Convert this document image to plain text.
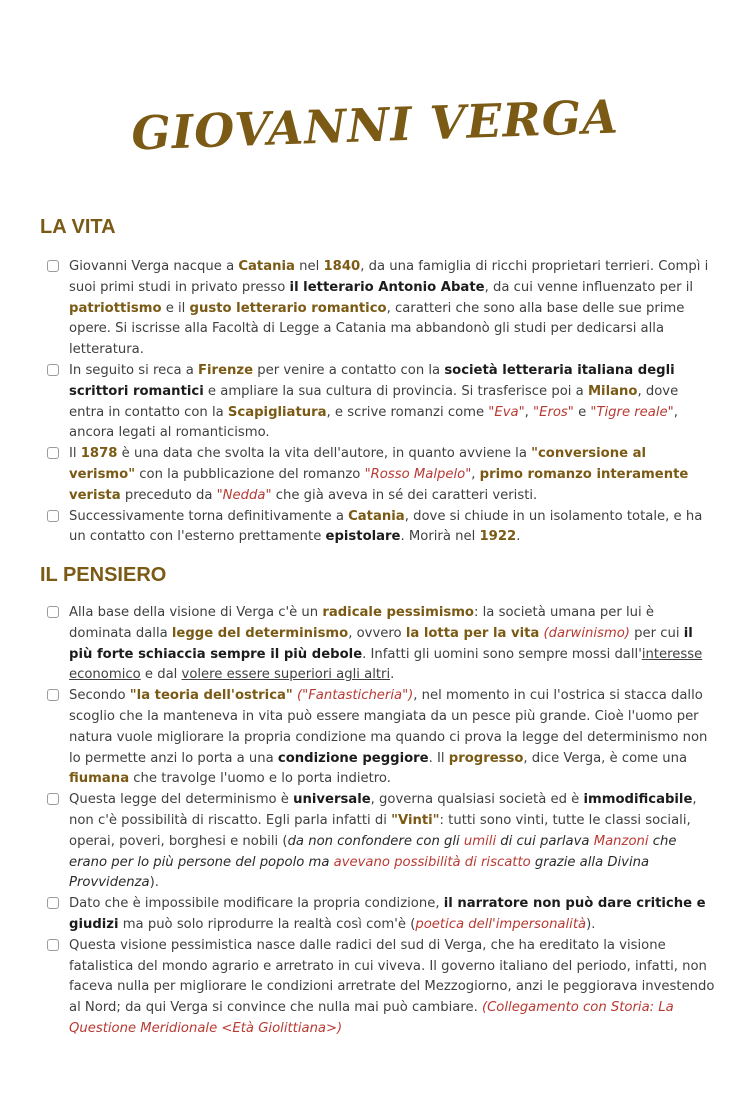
GIOVANNI VERGA
LA VITA
Giovanni Verga nacque a Catania nel 1840, da una famiglia di ricchi proprietari terrieri. Compì i suoi primi studi in privato presso il letterario Antonio Abate, da cui venne influenzato per il patriottismo e il gusto letterario romantico, caratteri che sono alla base delle sue prime opere. Si iscrisse alla Facoltà di Legge a Catania ma abbandonò gli studi per dedicarsi alla letteratura.
In seguito si reca a Firenze per venire a contatto con la società letteraria italiana degli scrittori romantici e ampliare la sua cultura di provincia. Si trasferisce poi a Milano, dove entra in contatto con la Scapigliatura, e scrive romanzi come "Eva", "Eros" e "Tigre reale", ancora legati al romanticismo.
Il 1878 è una data che svolta la vita dell'autore, in quanto avviene la "conversione al verismo" con la pubblicazione del romanzo "Rosso Malpelo", primo romanzo interamente verista preceduto da "Nedda" che già aveva in sé dei caratteri veristi.
Successivamente torna definitivamente a Catania, dove si chiude in un isolamento totale, e ha un contatto con l'esterno prettamente epistolare. Morirà nel 1922.
IL PENSIERO
Alla base della visione di Verga c'è un radicale pessimismo: la società umana per lui è dominata dalla legge del determinismo, ovvero la lotta per la vita (darwinismo) per cui il più forte schiaccia sempre il più debole. Infatti gli uomini sono sempre mossi dall'interesse economico e dal volere essere superiori agli altri.
Secondo "la teoria dell'ostrica" ("Fantasticheria"), nel momento in cui l'ostrica si stacca dallo scoglio che la manteneva in vita può essere mangiata da un pesce più grande. Cioè l'uomo per natura vuole migliorare la propria condizione ma quando ci prova la legge del determinismo non lo permette anzi lo porta a una condizione peggiore. Il progresso, dice Verga, è come una fiumana che travolge l'uomo e lo porta indietro.
Questa legge del determinismo è universale, governa qualsiasi società ed è immodificabile, non c'è possibilità di riscatto. Egli parla infatti di "Vinti": tutti sono vinti, tutte le classi sociali, operai, poveri, borghesi e nobili (da non confondere con gli umili di cui parlava Manzoni che erano per lo più persone del popolo ma avevano possibilità di riscatto grazie alla Divina Provvidenza).
Dato che è impossibile modificare la propria condizione, il narratore non può dare critiche e giudizi ma può solo riprodurre la realtà così com'è (poetica dell'impersonalità).
Questa visione pessimistica nasce dalle radici del sud di Verga, che ha ereditato la visione fatalistica del mondo agrario e arretrato in cui viveva. Il governo italiano del periodo, infatti, non faceva nulla per migliorare le condizioni arretrate del Mezzogiorno, anzi le peggiorava investendo al Nord; da qui Verga si convince che nulla mai può cambiare. (Collegamento con Storia: La Questione Meridionale <Età Giolittiana>)
